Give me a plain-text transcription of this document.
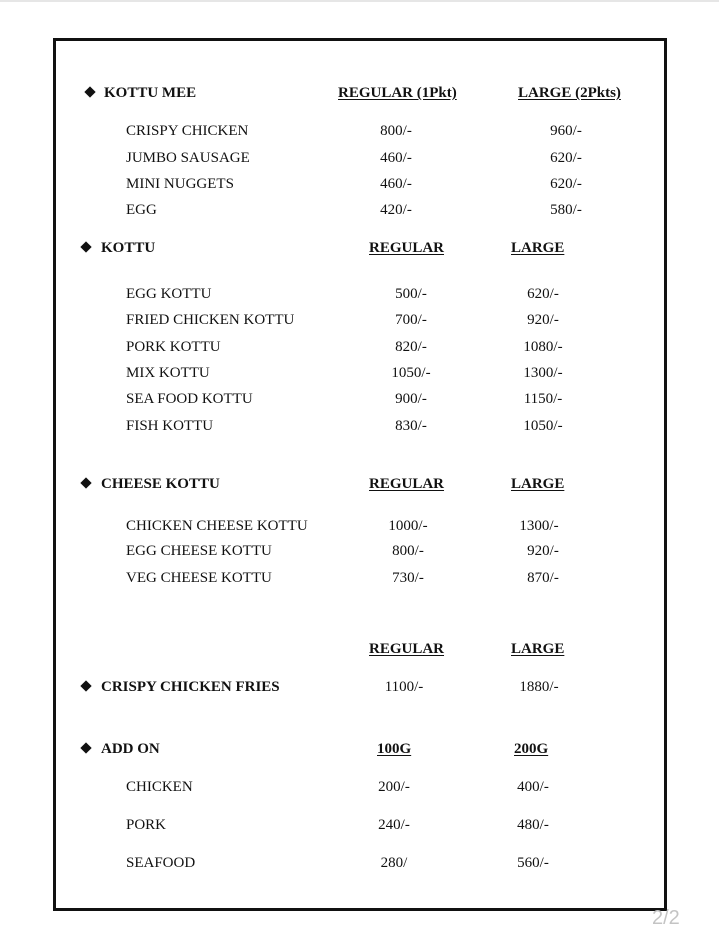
KOTTU MEE	REGULAR (1Pkt)	LARGE (2Pkts)
CRISPY CHICKEN	800/-	960/-
JUMBO SAUSAGE	460/-	620/-
MINI NUGGETS	460/-	620/-
EGG	420/-	580/-
KOTTU	REGULAR	LARGE
EGG KOTTU	500/-	620/-
FRIED CHICKEN KOTTU	700/-	920/-
PORK KOTTU	820/-	1080/-
MIX KOTTU	1050/-	1300/-
SEA FOOD KOTTU	900/-	1150/-
FISH KOTTU	830/-	1050/-
CHEESE KOTTU	REGULAR	LARGE
CHICKEN CHEESE KOTTU	1000/-	1300/-
EGG CHEESE KOTTU	800/-	920/-
VEG CHEESE KOTTU	730/-	870/-
REGULAR	LARGE
CRISPY CHICKEN FRIES	1100/-	1880/-
ADD ON	100G	200G
CHICKEN	200/-	400/-
PORK	240/-	480/-
SEAFOOD	280/	560/-
2/2
